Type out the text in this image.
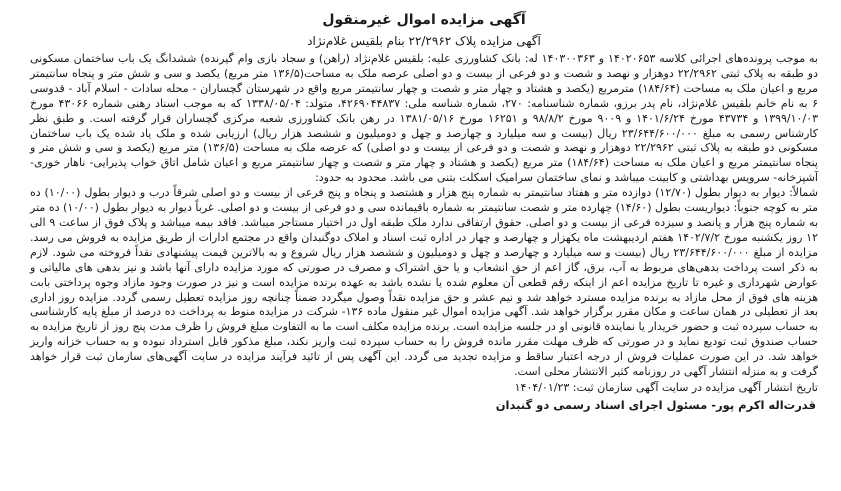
آگهی مزایده اموال غیرمنقول

آگهی مزایده پلاک ۲۲/۲۹۶۲ بنام بلقیس غلام‌نژاد

به موجب پرونده‌های اجرائی کلاسه ۱۴۰۲۰۶۵۳ و ۱۴۰۳۰۰۳۶۳ له: بانک کشاورزی علیه: بلقیس غلام‌نژاد (راهن) و سجاد بازی وام گیرنده) ششدانگ یک باب ساختمان مسکونی دو طبقه به پلاک ثبتی ۲۲/۲۹۶۲ دوهزار و نهصد و شصت و دو فرعی از بیست و دو اصلی عرصه ملک به مساحت(۱۳۶/۵ متر مربع) یکصد و سی و شش متر و پنجاه سانتیمتر مربع و اعیان ملک به مساحت (۱۸۴/۶۴) مترمربع (یکصد و هشتاد و چهار متر و شصت و چهار سانتیمتر مربع واقع در شهرستان گچساران - محله سادات - اسلام آباد - قدوسی ۶ به نام خانم بلقیس غلام‌نژاد، نام پدر برزو، شماره شناسنامه: ۲۷۰، شماره شناسه ملی: ۴۲۶۹۰۴۴۸۳۷، متولد: ۱۳۳۸/۰۵/۰۴ که به موجب اسناد رهنی شماره ۴۳۰۶۶ مورخ ۱۳۹۹/۱۰/۰۳ و ۴۳۷۳۴ مورخ ۱۴۰۱/۶/۲۴ و ۹۰۰۹ مورخ ۹۸/۸/۲ و ۱۶۲۵۱ مورخ ۱۳۸۱/۰۵/۱۶ در رهن بانک کشاورزی شعبه مرکزی گچساران قرار گرفته است. و طبق نظر کارشناس رسمی به مبلغ ۲۳/۶۴۴/۶۰۰/۰۰۰ ریال (بیست و سه میلیارد و چهارصد و چهل و دومیلیون و ششصد هزار ریال) ارزیابی شده و ملک یاد شده یک باب ساختمان مسکونی دو طبقه به پلاک ثبتی ۲۲/۲۹۶۲ دوهزار و نهصد و شصت و دو فرعی از بیست و دو اصلی) که عرصه ملک به مساحت (۱۳۶/۵) متر مربع (یکصد و سی و شش متر و پنجاه سانتیمتر مربع و اعیان ملک به مساحت (۱۸۴/۶۴) متر مربع (یکصد و هشتاد و چهار متر و شصت و چهار سانتیمتر مربع و اعیان شامل اتاق خواب پذیرایی- ناهار خوری- آشپزخانه- سرویس بهداشتی و کابینت میباشد و نمای ساختمان سرامیک اسکلت بتنی می باشد. محدود به حدود:

شمالاً: دیوار به دیوار بطول (۱۲/۷۰) دوازده متر و هفتاد سانتیمتر به شماره پنج هزار و هشتصد و پنجاه و پنج فرعی از بیست و دو اصلی شرقاً درب و دیوار بطول (۱۰/۰۰) ده متر به کوچه جنوباً: دیواریست بطول (۱۴/۶۰) چهارده متر و شصت سانتیمتر به شماره باقیمانده سی و دو فرعی از بیست و دو اصلی. غرباً دیوار به دیوار بطول (۱۰/۰۰) ده متر به شماره پنج هزار و پانصد و سیزده فرعی از بیست و دو اصلی. حقوق ارتفاقی ندارد ملک طبقه اول در اختیار مستاجر میباشد. فاقد بیمه میباشد و پلاک فوق از ساعت ۹ الی ۱۲ روز یکشنبه مورخ ۱۴۰۲/۷/۲ هفتم اردیبهشت ماه یکهزار و چهارصد و چهار در اداره ثبت اسناد و املاک دوگنبدان واقع در مجتمع ادارات از طریق مزایده به فروش می رسد. مزایده از مبلغ ۲۳/۶۴۴/۶۰۰/۰۰۰ ریال (بیست و سه میلیارد و چهارصد و چهل و دومیلیون و ششصد هزار ریال شروع و به بالاترین قیمت پیشنهادی نقداً فروخته می شود. لازم به ذکر است پرداخت بدهی‌های مربوط به آب، برق، گاز اعم از حق انشعاب و یا حق اشتراک و مصرف در صورتی که مورد مزایده دارای آنها باشد و نیز بدهی های مالیاتی و عوارض شهرداری و غیره تا تاریخ مزایده اعم از اینکه رقم قطعی آن معلوم شده یا نشده باشد به عهده برنده مزایده است و نیز در صورت وجود مازاد وجوه پرداختی بابت هزینه های فوق از محل مازاد به برنده مزایده مسترد خواهد شد و نیم عشر و حق مزایده نقداً وصول میگردد ضمناً چنانچه روز مزایده تعطیل رسمی گردد. مزایده روز اداری بعد از تعطیلی در همان ساعت و مکان مقرر برگزار خواهد شد. آگهی مزایده اموال غیر منقول ماده ۱۳۶- شرکت در مزایده منوط به پرداخت ده درصد از مبلغ پایه کارشناسی به حساب سپرده ثبت و حضور خریدار یا نماینده قانونی او در جلسه مزایده است. برنده مزایده مکلف است ما به التفاوت مبلغ فروش را ظرف مدت پنج روز از تاریخ مزایده به حساب صندوق ثبت تودیع نماید و در صورتی که ظرف مهلت مقرر مانده فروش را به حساب سپرده ثبت واریز نکند، مبلغ مذکور قابل استرداد نبوده و به حساب خزانه واریز خواهد شد. در این صورت عملیات فروش از درجه اعتبار ساقط و مزایده تجدید می گردد. این آگهی پس از تائید فرآیند مزایده در سایت آگهی‌های سازمان ثبت قرار خواهد گرفت و به منزله انتشار آگهی در روزنامه کثیر الانتشار محلی است.

تاریخ انتشار آگهی مزایده در سایت آگهی سازمان ثبت: ۱۴۰۴/۰۱/۲۳

قدرت‌اله اکرم پور- مسئول اجرای اسناد رسمی دو گنبدان
